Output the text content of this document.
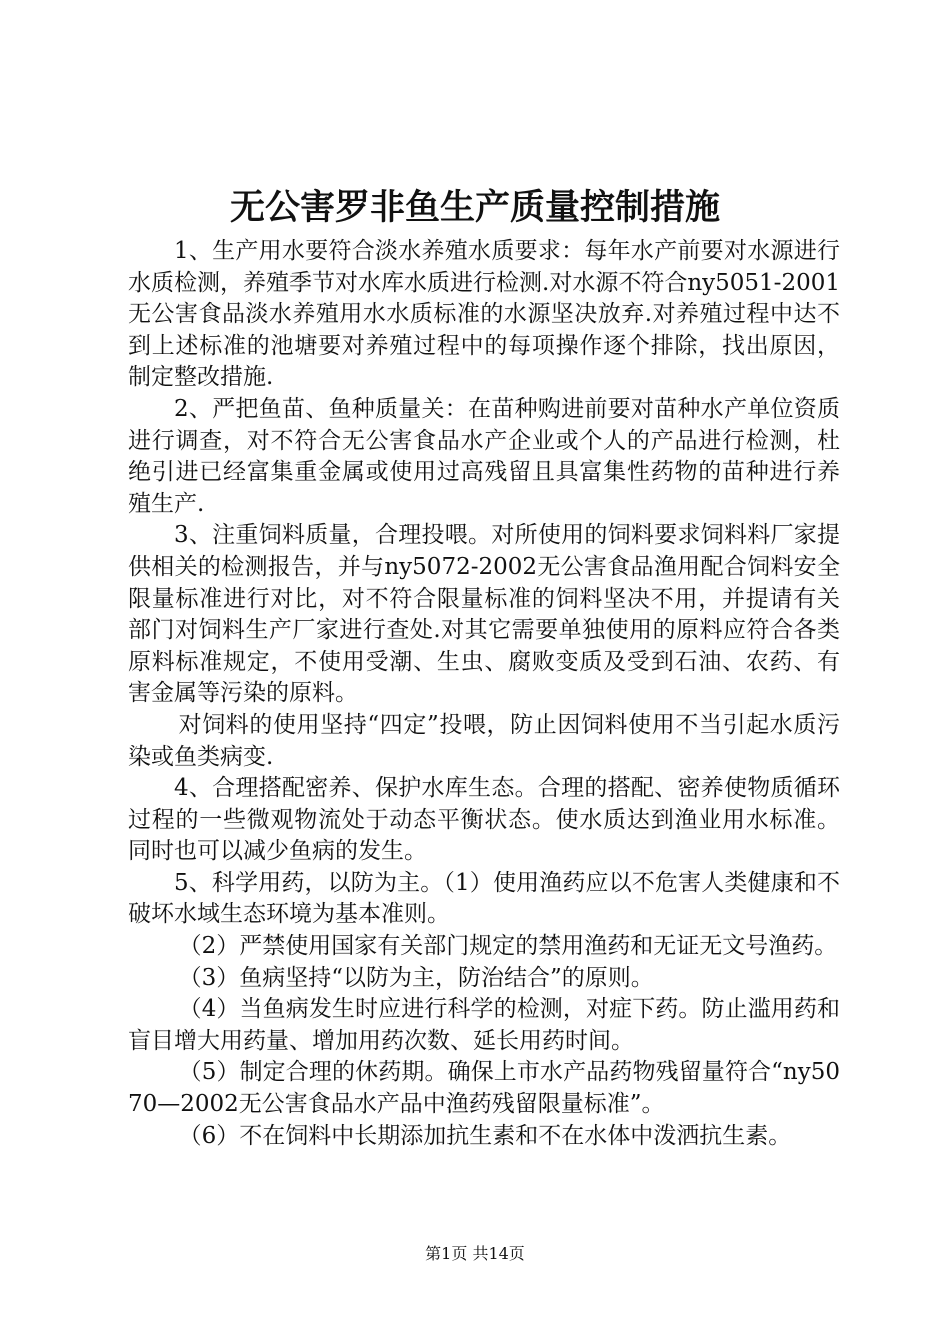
无公害罗非鱼生产质量控制措施

1、生产用水要符合淡水养殖水质要求：每年水产前要对水源进行水质检测，养殖季节对水库水质进行检测.对水源不符合ny5051-2001无公害食品淡水养殖用水水质标准的水源坚决放弃.对养殖过程中达不到上述标准的池塘要对养殖过程中的每项操作逐个排除，找出原因，制定整改措施.

2、严把鱼苗、鱼种质量关：在苗种购进前要对苗种水产单位资质进行调查，对不符合无公害食品水产企业或个人的产品进行检测，杜绝引进已经富集重金属或使用过高残留且具富集性药物的苗种进行养殖生产.

3、注重饲料质量，合理投喂。对所使用的饲料要求饲料料厂家提供相关的检测报告，并与ny5072-2002无公害食品渔用配合饲料安全限量标准进行对比，对不符合限量标准的饲料坚决不用，并提请有关部门对饲料生产厂家进行查处.对其它需要单独使用的原料应符合各类原料标准规定，不使用受潮、生虫、腐败变质及受到石油、农药、有害金属等污染的原料。

对饲料的使用坚持“四定”投喂，防止因饲料使用不当引起水质污染或鱼类病变.

4、合理搭配密养、保护水库生态。合理的搭配、密养使物质循环过程的一些微观物流处于动态平衡状态。使水质达到渔业用水标准。同时也可以减少鱼病的发生。

5、科学用药，以防为主。（1）使用渔药应以不危害人类健康和不破坏水域生态环境为基本准则。

（2）严禁使用国家有关部门规定的禁用渔药和无证无文号渔药。

（3）鱼病坚持“以防为主，防治结合”的原则。

（4）当鱼病发生时应进行科学的检测，对症下药。防止滥用药和盲目增大用药量、增加用药次数、延长用药时间。

（5）制定合理的休药期。确保上市水产品药物残留量符合“ny5070—2002无公害食品水产品中渔药残留限量标准”。

（6）不在饲料中长期添加抗生素和不在水体中泼洒抗生素。

第1页 共14页
